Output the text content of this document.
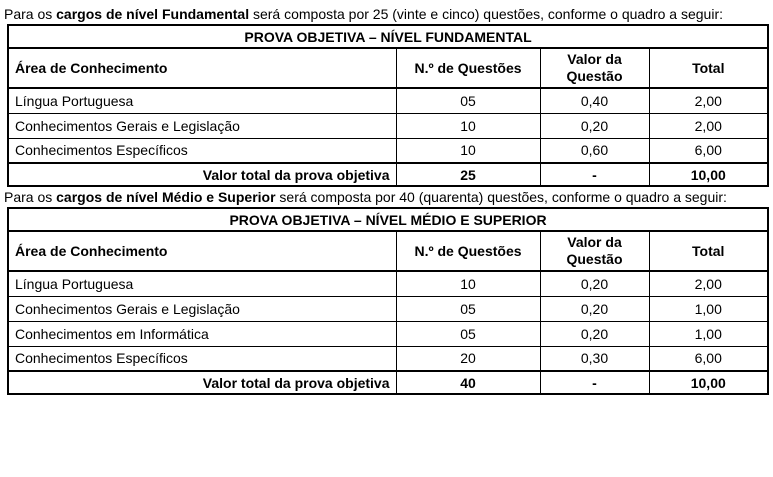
Para os cargos de nível Fundamental será composta por 25 (vinte e cinco) questões, conforme o quadro a seguir:

PROVA OBJETIVA – NÍVEL FUNDAMENTAL			
Área de Conhecimento	N.º de Questões	Valor da Questão	Total
Língua Portuguesa	05	0,40	2,00
Conhecimentos Gerais e Legislação	10	0,20	2,00
Conhecimentos Específicos	10	0,60	6,00
Valor total da prova objetiva	25	-	10,00

Para os cargos de nível Médio e Superior será composta por 40 (quarenta) questões, conforme o quadro a seguir:

PROVA OBJETIVA – NÍVEL MÉDIO E SUPERIOR			
Área de Conhecimento	N.º de Questões	Valor da Questão	Total
Língua Portuguesa	10	0,20	2,00
Conhecimentos Gerais e Legislação	05	0,20	1,00
Conhecimentos em Informática	05	0,20	1,00
Conhecimentos Específicos	20	0,30	6,00
Valor total da prova objetiva	40	-	10,00
